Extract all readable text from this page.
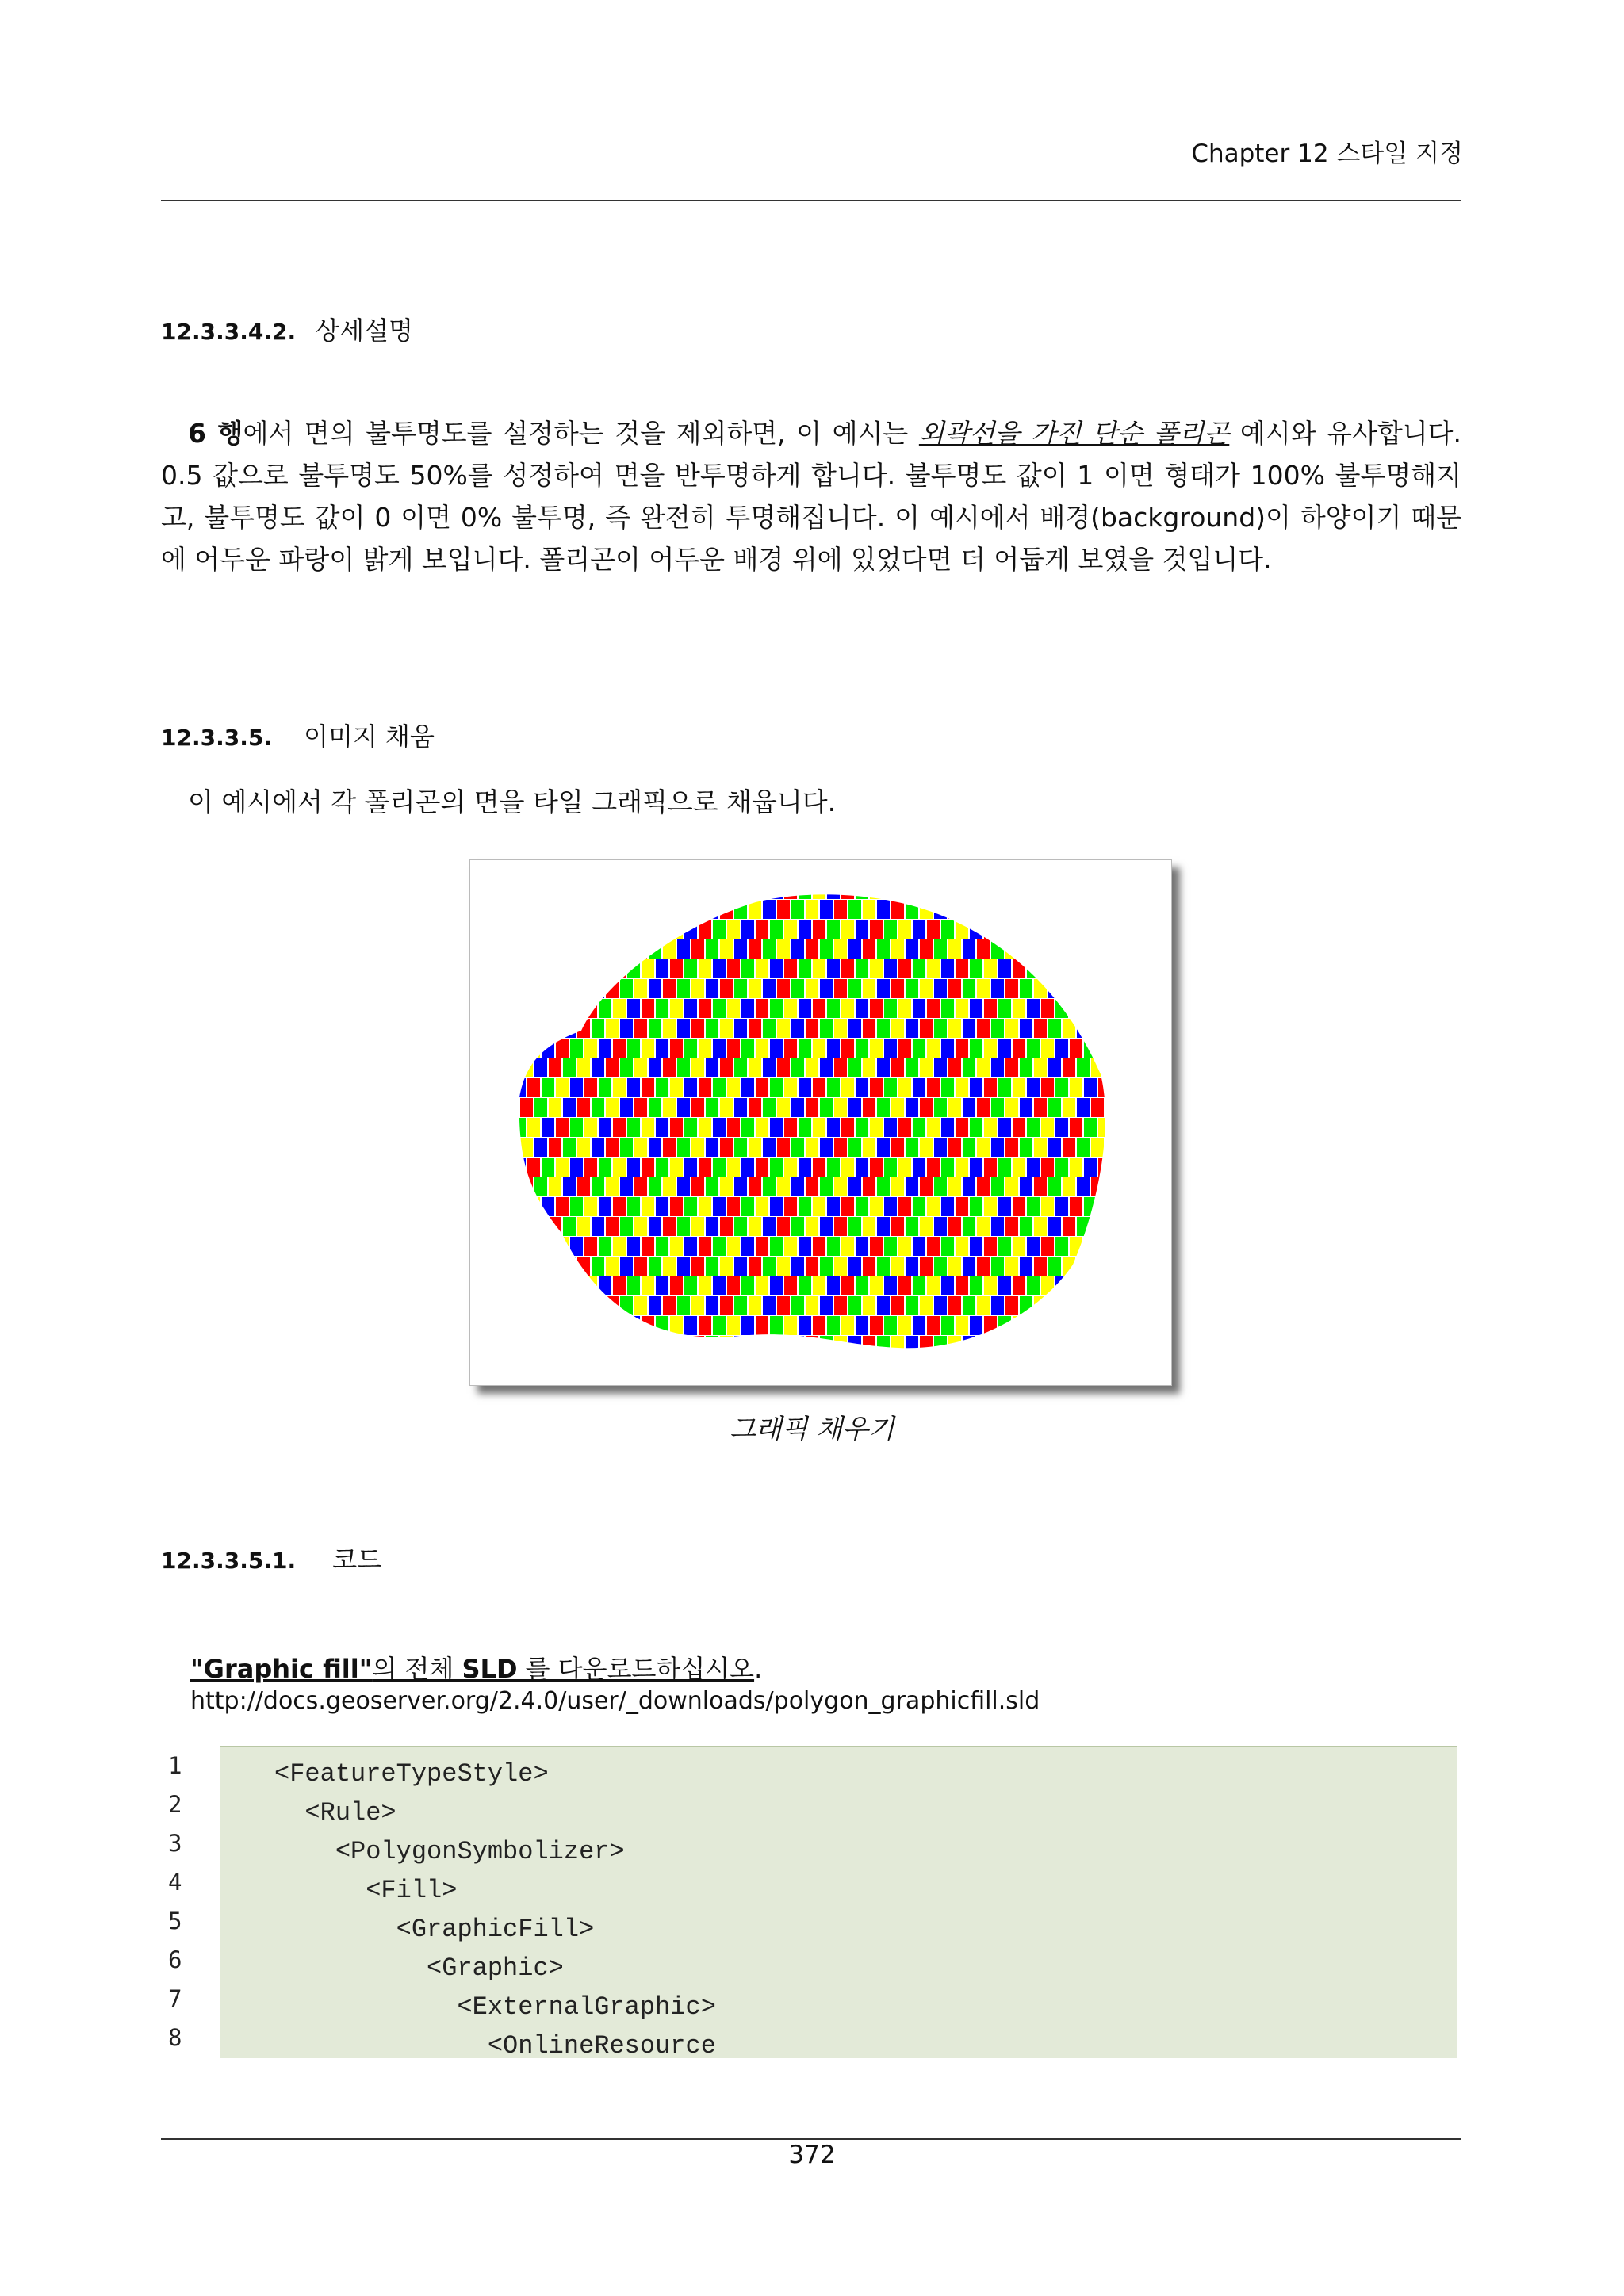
Chapter 12 스타일 지정
12.3.3.4.2. 상세설명
6 행에서 면의 불투명도를 설정하는 것을 제외하면, 이 예시는 외곽선을 가진 단순 폴리곤 예시와 유사합니다. 0.5 값으로 불투명도 50%를 성정하여 면을 반투명하게 합니다. 불투명도 값이 1 이면 형태가 100% 불투명해지고, 불투명도 값이 0 이면 0% 불투명, 즉 완전히 투명해집니다. 이 예시에서 배경(background)이 하양이기 때문에 어두운 파랑이 밝게 보입니다. 폴리곤이 어두운 배경 위에 있었다면 더 어둡게 보였을 것입니다.
12.3.3.5. 이미지 채움
이 예시에서 각 폴리곤의 면을 타일 그래픽으로 채웁니다.
그래픽 채우기
12.3.3.5.1. 코드
"Graphic fill"의 전체 SLD 를 다운로드하십시오.
http://docs.geoserver.org/2.4.0/user/_downloads/polygon_graphicfill.sld
1
2
3
4
5
6
7
8
<FeatureTypeStyle>
<Rule>
<PolygonSymbolizer>
<Fill>
<GraphicFill>
<Graphic>
<ExternalGraphic>
<OnlineResource
372
